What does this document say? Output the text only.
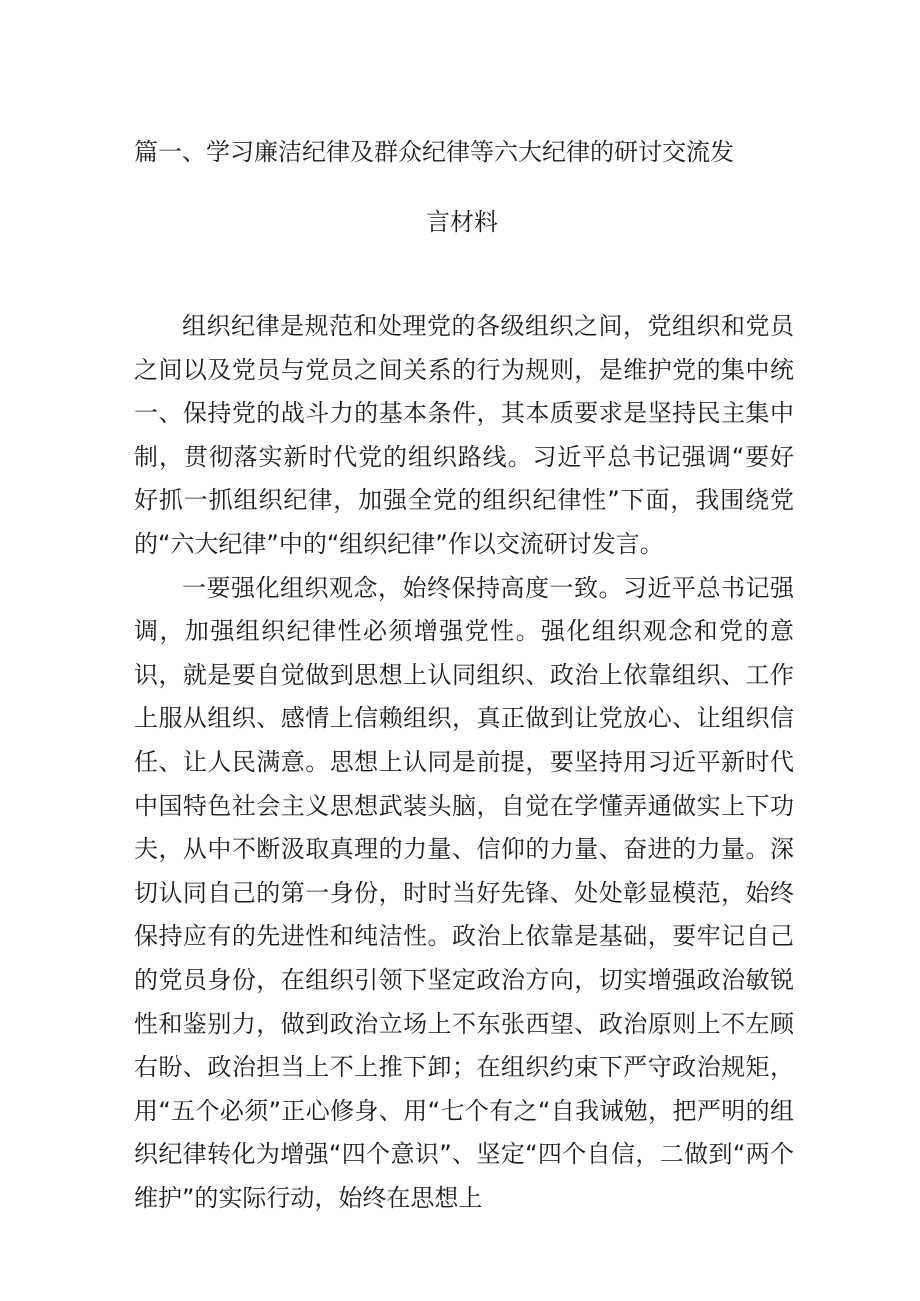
篇一、学习廉洁纪律及群众纪律等六大纪律的研讨交流发
言材料

组织纪律是规范和处理党的各级组织之间，党组织和党员之间以及党员与党员之间关系的行为规则，是维护党的集中统一、保持党的战斗力的基本条件，其本质要求是坚持民主集中制，贯彻落实新时代党的组织路线。习近平总书记强调“要好好抓一抓组织纪律，加强全党的组织纪律性”下面，我围绕党的“六大纪律”中的“组织纪律”作以交流研讨发言。

一要强化组织观念，始终保持高度一致。习近平总书记强调，加强组织纪律性必须增强党性。强化组织观念和党的意识，就是要自觉做到思想上认同组织、政治上依靠组织、工作上服从组织、感情上信赖组织，真正做到让党放心、让组织信任、让人民满意。思想上认同是前提，要坚持用习近平新时代中国特色社会主义思想武装头脑，自觉在学懂弄通做实上下功夫，从中不断汲取真理的力量、信仰的力量、奋进的力量。深切认同自己的第一身份，时时当好先锋、处处彰显模范，始终保持应有的先进性和纯洁性。政治上依靠是基础，要牢记自己的党员身份，在组织引领下坚定政治方向，切实增强政治敏锐性和鉴别力，做到政治立场上不东张西望、政治原则上不左顾右盼、政治担当上不上推下卸；在组织约束下严守政治规矩，用“五个必须”正心修身、用“七个有之“自我诫勉，把严明的组织纪律转化为增强“四个意识”、坚定“四个自信，二做到“两个维护”的实际行动，始终在思想上
